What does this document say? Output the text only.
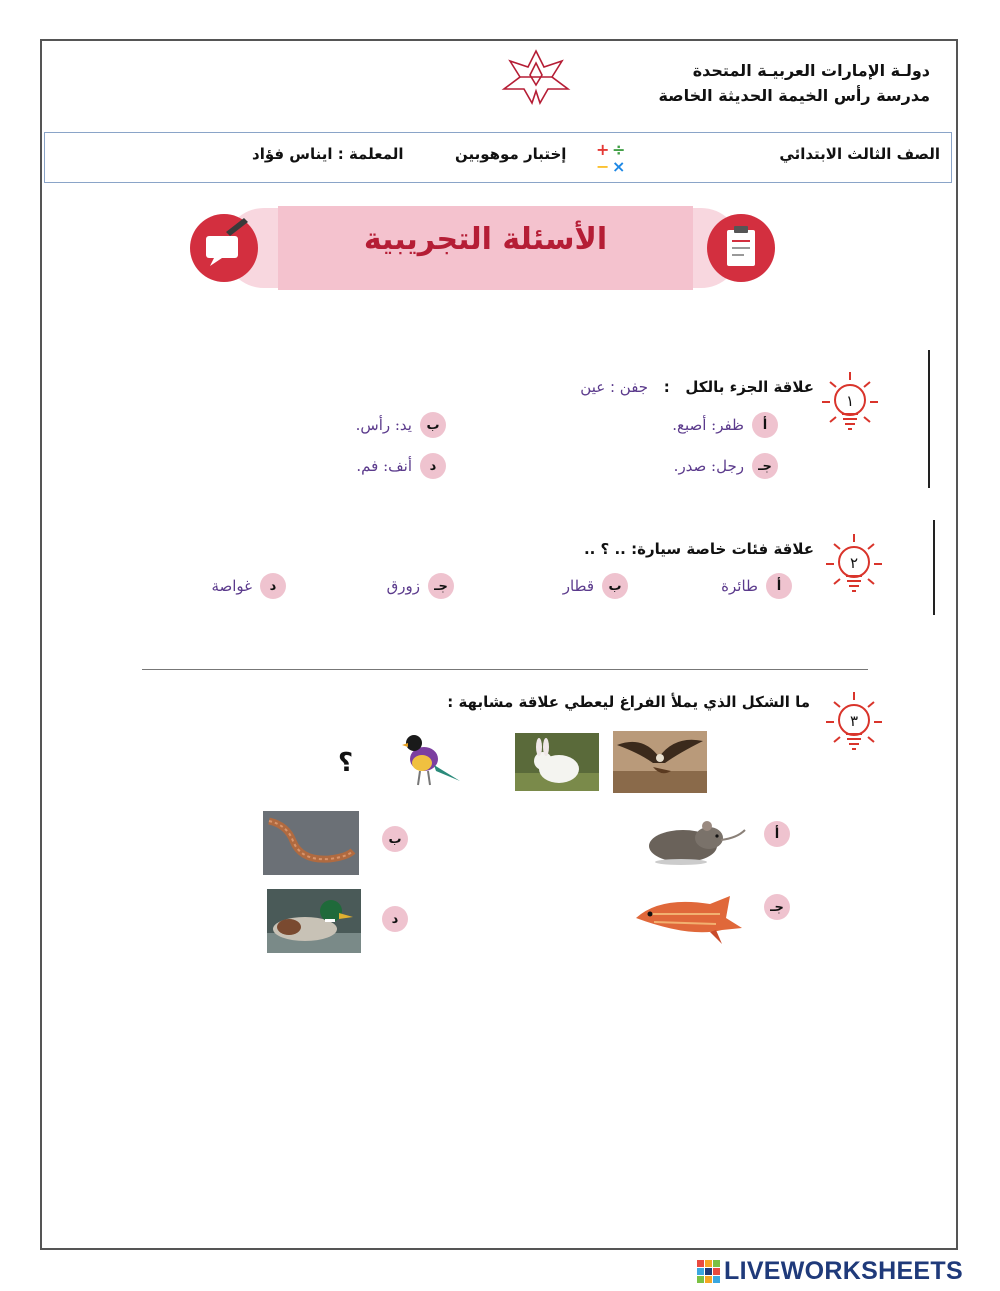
دولـة الإمارات العربيـة المتحدة
مدرسة رأس الخيمة الحديثة الخاصة
الصف الثالث الابتدائي
+ ÷
− ×
إختبار موهوبين
المعلمة : ايناس فؤاد
الأسئلة التجريبية
١
علاقة الجزء بالكل   :   جفن : عين
أ
ظفر: أصبع.
ب
يد: رأس.
جـ
رجل: صدر.
د
أنف: فم.
٢
علاقة فئات خاصة سيارة: .. ؟ ..
أ
طائرة
ب
قطار
جـ
زورق
د
غواصة
٣
ما الشكل الذي يملأ الفراغ ليعطي علاقة مشابهة :
؟
أ
ب
جـ
د
LIVEWORKSHEETS
